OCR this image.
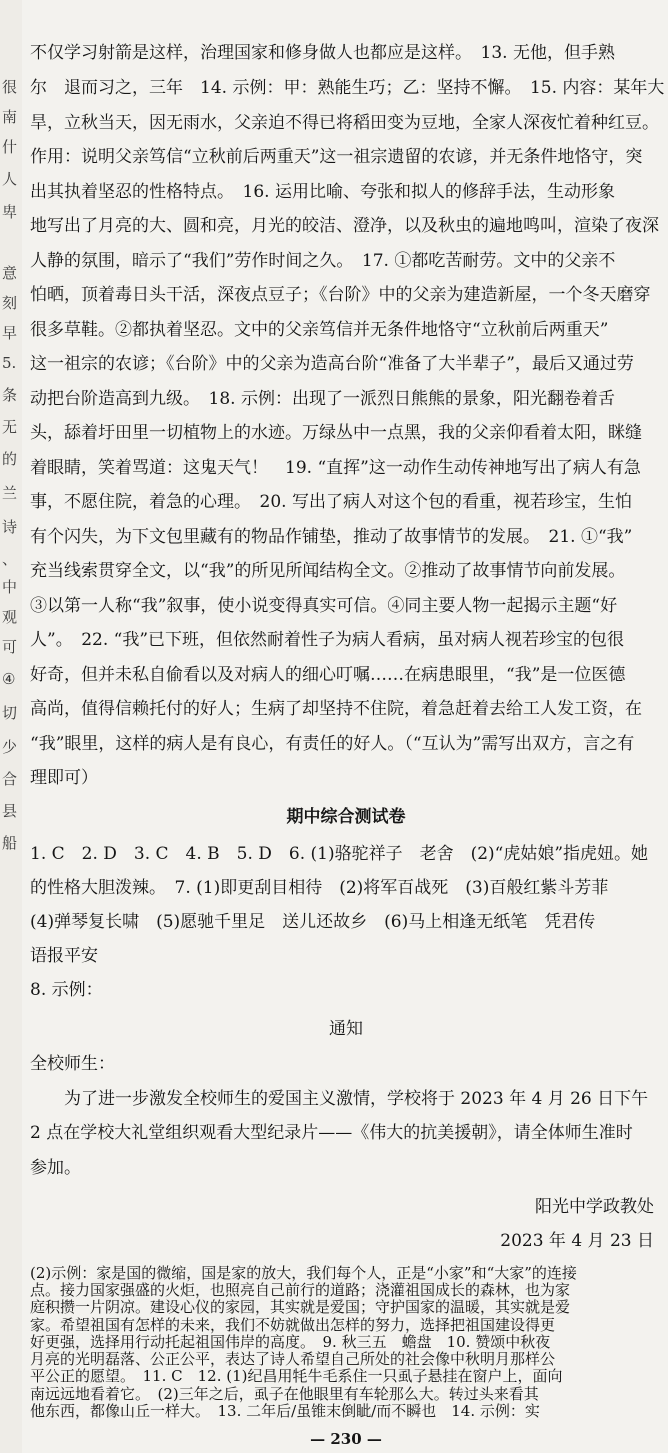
很
南
什
人
卑
意
刻
早
5.
条
无
的
兰
诗
、
中
观
可
④
切
少
合
县
船
不仅学习射箭是这样，治理国家和修身做人也都应是这样。　13. 无他，但手熟
尔　退而习之，三年　14. 示例：甲：熟能生巧；乙：坚持不懈。　15. 内容：某年大
旱，立秋当天，因无雨水，父亲迫不得已将稻田变为豆地，全家人深夜忙着种红豆。
作用：说明父亲笃信“立秋前后两重天”这一祖宗遗留的农谚，并无条件地恪守，突
出其执着坚忍的性格特点。　16. 运用比喻、夸张和拟人的修辞手法，生动形象
地写出了月亮的大、圆和亮，月光的皎洁、澄净，以及秋虫的遍地鸣叫，渲染了夜深
人静的氛围，暗示了“我们”劳作时间之久。　17. ①都吃苦耐劳。文中的父亲不
怕晒，顶着毒日头干活，深夜点豆子；《台阶》中的父亲为建造新屋，一个冬天磨穿
很多草鞋。②都执着坚忍。文中的父亲笃信并无条件地恪守“立秋前后两重天”
这一祖宗的农谚；《台阶》中的父亲为造高台阶“准备了大半辈子”，最后又通过劳
动把台阶造高到九级。　18. 示例：出现了一派烈日熊熊的景象，阳光翻卷着舌
头，舔着圩田里一切植物上的水迹。万绿丛中一点黑，我的父亲仰看着太阳，眯缝
着眼睛，笑着骂道：这鬼天气！　19. “直挥”这一动作生动传神地写出了病人有急
事，不愿住院，着急的心理。　20. 写出了病人对这个包的看重，视若珍宝，生怕
有个闪失，为下文包里藏有的物品作铺垫，推动了故事情节的发展。　21. ①“我”
充当线索贯穿全文，以“我”的所见所闻结构全文。②推动了故事情节向前发展。
③以第一人称“我”叙事，使小说变得真实可信。④同主要人物一起揭示主题“好
人”。　22. “我”已下班，但依然耐着性子为病人看病，虽对病人视若珍宝的包很
好奇，但并未私自偷看以及对病人的细心叮嘱……在病患眼里，“我”是一位医德
高尚，值得信赖托付的好人；生病了却坚持不住院，着急赶着去给工人发工资，在
“我”眼里，这样的病人是有良心，有责任的好人。（“互认为”需写出双方，言之有
理即可）
期中综合测试卷
1. C　2. D　3. C　4. B　5. D　6. (1)骆驼祥子　老舍　(2)“虎姑娘”指虎妞。她
的性格大胆泼辣。　7. (1)即更刮目相待　(2)将军百战死　(3)百般红紫斗芳菲
(4)弹琴复长啸　(5)愿驰千里足　送儿还故乡　(6)马上相逢无纸笔　凭君传
语报平安
8. 示例：
通知
全校师生：
　　为了进一步激发全校师生的爱国主义激情，学校将于 2023 年 4 月 26 日下午
2 点在学校大礼堂组织观看大型纪录片——《伟大的抗美援朝》，请全体师生准时
参加。
阳光中学政教处
2023 年 4 月 23 日
(2)示例：家是国的微缩，国是家的放大，我们每个人，正是“小家”和“大家”的连接
点。接力国家强盛的火炬，也照亮自己前行的道路；浇灌祖国成长的森林，也为家
庭积攒一片阴凉。建设心仪的家园，其实就是爱国；守护国家的温暖，其实就是爱
家。希望祖国有怎样的未来，我们不妨就做出怎样的努力，选择把祖国建设得更
好更强，选择用行动托起祖国伟岸的高度。　9. 秋三五　蟾盘　10. 赞颂中秋夜
月亮的光明磊落、公正公平，表达了诗人希望自己所处的社会像中秋明月那样公
平公正的愿望。　11. C　12. (1)纪昌用牦牛毛系住一只虱子悬挂在窗户上，面向
南远远地看着它。　(2)三年之后，虱子在他眼里有车轮那么大。转过头来看其
他东西，都像山丘一样大。　13. 二年后/虽锥末倒眦/而不瞬也　14. 示例：实
— 230 —
